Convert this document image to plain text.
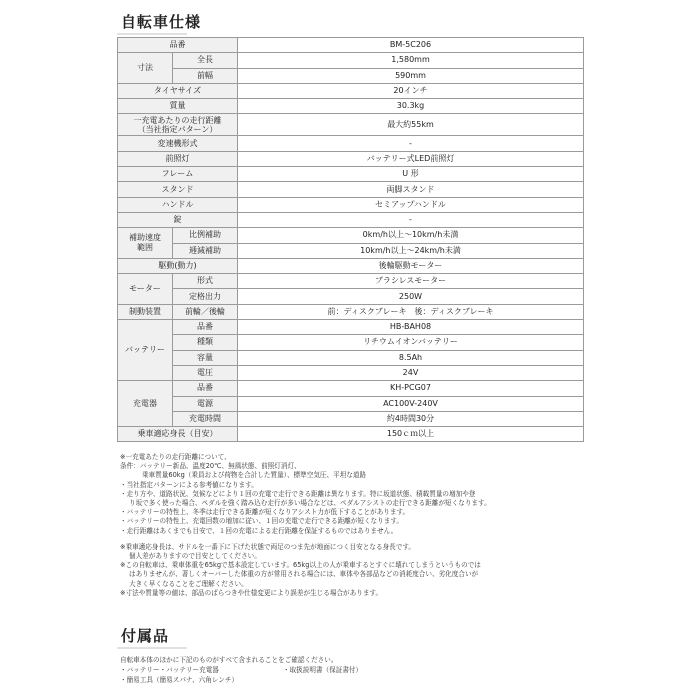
自転車仕様
品番		BM-5C206
寸法	全長	1,580mm
	前幅	590mm
タイヤサイズ		20インチ
質量		30.3kg

一充電あたりの走行距離
（当社指定パターン）		最大約55km
変速機形式		-
前照灯		バッテリー式LED前照灯
フレーム		U 形
スタンド		両脚スタンド
ハンドル		セミアップハンドル
錠		-
補助速度範囲	比例補助	0km/h以上～10km/h未満
	逓減補助	10km/h以上～24km/h未満
駆動(動力)		後輪駆動モーター
モーター	形式	ブラシレスモーター
	定格出力	250W
制動装置	前輪／後輪	前：ディスクブレーキ　後：ディスクブレーキ
バッテリー	品番	HB-BAH08
	種類	リチウムイオンバッテリー
	容量	8.5Ah
	電圧	24V
充電器	品番	KH-PCG07
	電源	AC100V-240V
	充電時間	約4時間30分
乗車適応身長（目安）		150ｃｍ以上

※一充電あたりの走行距離について、

条件：バッテリー新品、温度20℃、無風状態、前照灯消灯、

乗車質量60kg（乗員および荷物を合計した質量）、標準空気圧、平坦な道路

・当社指定パターンによる参考値になります。

・走り方や、道路状況、気候などにより１回の充電で走行できる距離は異なります。特に坂道状態、積載質量の増加や登

り坂で多く使った場合、ペダルを強く踏み込む走行が多い場合などは、ペダルアシストの走行できる距離が短くなります。

・バッテリーの特性上、冬季は走行できる距離が短くなりアシスト力が低下することがあります。

・バッテリーの特性上、充電回数の増加に従い、１回の充電で走行できる距離が短くなります。

・走行距離はあくまでも目安で、１回の充電による走行距離を保証するものではありません。

※乗車適応身長は、サドルを一番下に下げた状態で両足のつま先が地面につく目安となる身長です。

個人差がありますので目安としてください。

※この自転車は、乗車体重を65kgで基本設定しています。65kg以上の人が乗車するとすぐに壊れてしまうというものでは

はありませんが、著しくオーバーした体重の方が常用される場合には、車体や各部品などの消耗度合い、劣化度合いが

大きく早くなることをご理解ください。

※寸法や質量等の値は、部品のばらつきや仕様変更により誤差が生じる場合があります。

付属品

自転車本体のほかに下記のものがすべて含まれることをご確認ください。

・バッテリー・バッテリー充電器	・取扱説明書（保証書付）

・簡易工具（簡易スパナ、六角レンチ）
